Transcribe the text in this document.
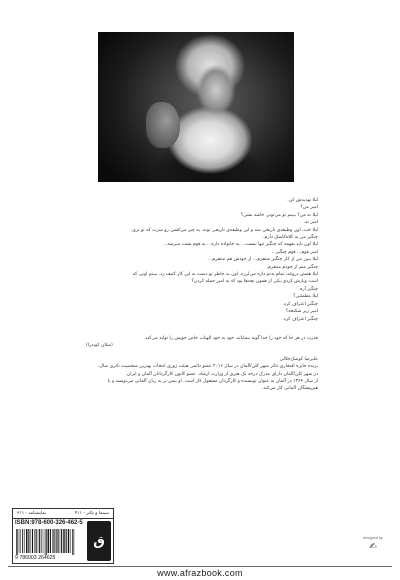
لیلا تهدیدش کن.
امیر من؟
لیلا نه من؟ ببینم تو می‌تونی جاشه بشی؟
امیر نه.
لیلا خب، اون وظیفه‌ی تاریخی منه و این وظیفه‌ی تاریخی تونه. یه چیز می‌کشی رو سرت که تو تری.
چنگیز من یه کلاه‌کاسک دارم.
لیلا اون باید بفهمه که چنگیز تنها نیست... یه خانواده داره... یه قوم پشت سرشه...
امیر قوم... قوم چنگیز...
لیلا ببین من از کار چنگیز متنفرم... از خودش هم متنفرم...
چنگیز منم از خودم متنفرم.
لیلا همش دروغه، تمام بدنم داره می‌لرزه. اون به خاطر تو دست به این کار کثیف زد. ببینم اونی که
است ویارش کردی یکی از همون بچه‌ها بود که به امیر حمله کردن؟
چنگیز آره.
لیلا مطمئنی؟
چنگیز اعتراف کرد.
امیر زیر شکنجه؟
چنگیز اعتراف کرد.
قدرت در هر جا که خود را خدا گونه بنمایاند، خود به خود الهیات خاص خویش را تولید می‌کند.
(میلان کوندرا)
علیرضا کوشک‌جلالی
برنده جایزه افتخاری تئاتر شهر کلن/آلمان در سال ۲۰۱۶ عضو دائمی هیئت ژوری انتخاب بهترین شخصیت تاثری سال،
در شهر کلن/آلمان دارای مدرک درجه یک هنری از وزارت ارشاد. عضو کانون کارگردانان آلمان و ایران.
از سال ۱۳۶۴ در آلمان به عنوان نویسنده و کارگردان مشغول کار است. او بیش تر به زبان آلمانی می‌نویسد و با
هنرپیشگان آلمانی کار می‌کند.
سینما و تئاتر - ۴۱۱
نمایشنامه - ۳۱۱
ISBN:978-600-326-462-5
9 786003 264625
ق	designed by
✍
www.afrazbook.com
